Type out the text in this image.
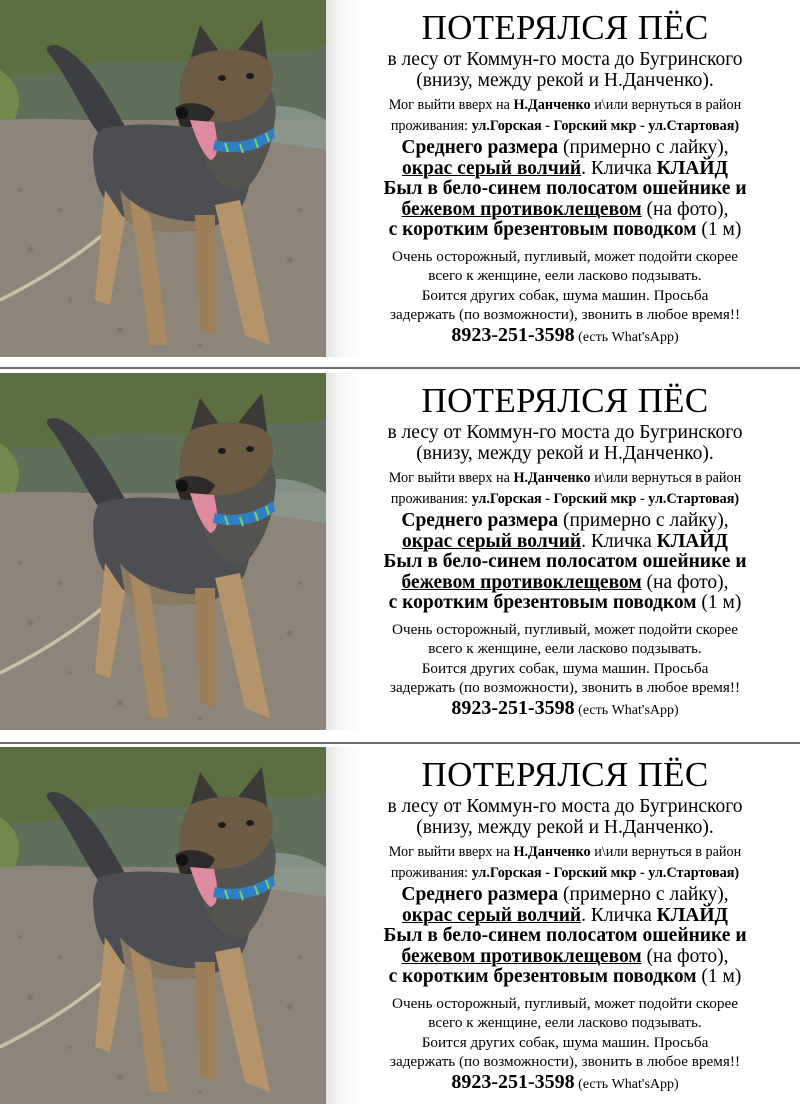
ПОТЕРЯЛСЯ ПЁС
в лесу от Коммун-го моста до Бугринского
(внизу, между рекой и Н.Данченко).
Мог выйти вверх на Н.Данченко и\или вернуться в район
проживания: ул.Горская - Горский мкр - ул.Стартовая)
Среднего размера (примерно с лайку),
окрас серый волчий. Кличка КЛАЙД
Был в бело-синем полосатом ошейнике и
бежевом противоклещевом (на фото),
с коротким брезентовым поводком (1 м)
Очень осторожный, пугливый, может подойти скорее
всего к женщине, еели ласково подзывать.
Боится других собак, шума машин. Просьба
задержать (по возможности), звонить в любое время!!
8923-251-3598 (есть What'sApp)
ПОТЕРЯЛСЯ ПЁС
в лесу от Коммун-го моста до Бугринского
(внизу, между рекой и Н.Данченко).
Мог выйти вверх на Н.Данченко и\или вернуться в район
проживания: ул.Горская - Горский мкр - ул.Стартовая)
Среднего размера (примерно с лайку),
окрас серый волчий. Кличка КЛАЙД
Был в бело-синем полосатом ошейнике и
бежевом противоклещевом (на фото),
с коротким брезентовым поводком (1 м)
Очень осторожный, пугливый, может подойти скорее
всего к женщине, еели ласково подзывать.
Боится других собак, шума машин. Просьба
задержать (по возможности), звонить в любое время!!
8923-251-3598 (есть What'sApp)
ПОТЕРЯЛСЯ ПЁС
в лесу от Коммун-го моста до Бугринского
(внизу, между рекой и Н.Данченко).
Мог выйти вверх на Н.Данченко и\или вернуться в район
проживания: ул.Горская - Горский мкр - ул.Стартовая)
Среднего размера (примерно с лайку),
окрас серый волчий. Кличка КЛАЙД
Был в бело-синем полосатом ошейнике и
бежевом противоклещевом (на фото),
с коротким брезентовым поводком (1 м)
Очень осторожный, пугливый, может подойти скорее
всего к женщине, еели ласково подзывать.
Боится других собак, шума машин. Просьба
задержать (по возможности), звонить в любое время!!
8923-251-3598 (есть What'sApp)
